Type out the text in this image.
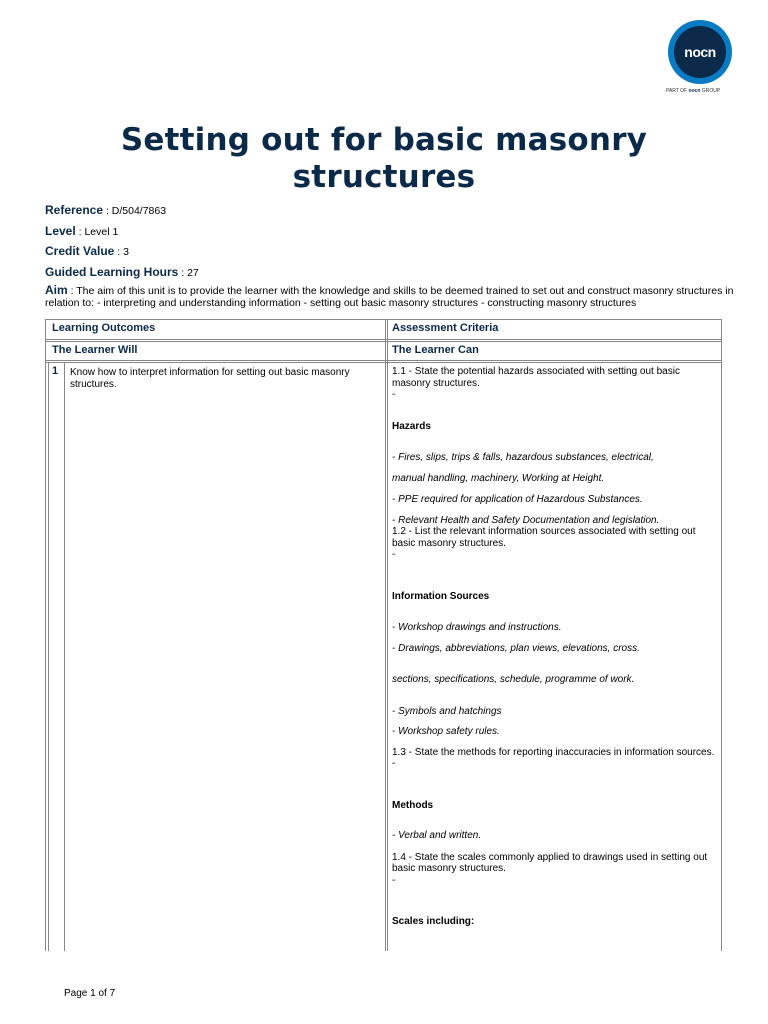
nocn
PART OF nocn GROUP
Setting out for basic masonry structures
Reference : D/504/7863
Level : Level 1
Credit Value : 3
Guided Learning Hours : 27
Aim : The aim of this unit is to provide the learner with the knowledge and skills to be deemed trained to set out and construct masonry structures in relation to: - interpreting and understanding information - setting out basic masonry structures - constructing masonry structures
Learning Outcomes	Assessment Criteria
The Learner Will	The Learner Can
1 Know how to interpret information for setting out basic masonry structures.

1.1 - State the potential hazards associated with setting out basic masonry structures.

-

Hazards

- Fires, slips, trips & falls, hazardous substances, electrical,

manual handling, machinery, Working at Height.

- PPE required for application of Hazardous Substances.

- Relevant Health and Safety Documentation and legislation.

1.2 - List the relevant information sources associated with setting out basic masonry structures.

-

Information Sources

- Workshop drawings and instructions.

- Drawings, abbreviations, plan views, elevations, cross.

sections, specifications, schedule, programme of work.

- Symbols and hatchings

- Workshop safety rules.

1.3 - State the methods for reporting inaccuracies in information sources.

-

Methods

- Verbal and written.

1.4 - State the scales commonly applied to drawings used in setting out basic masonry structures.

-

Scales including:

Page 1 of 7
